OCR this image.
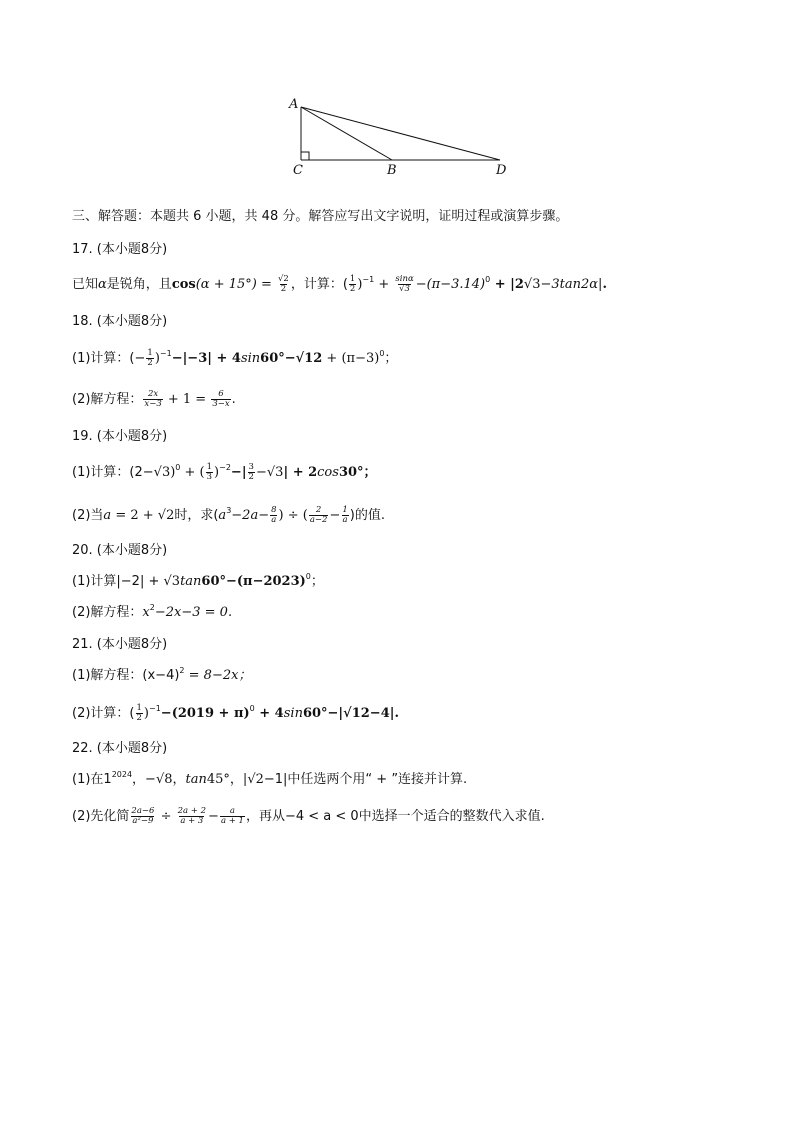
A
C	B	D
三、解答题：本题共 6 小题，共 48 分。解答应写出文字说明，证明过程或演算步骤。
17. (本小题8分)
已知α是锐角，且$\cos(\alpha + 15^\circ) = \frac{√2}{2}$ ，计算：( $\frac{1}{2} )^{-1} + \frac{\sin\alpha}{√3} -(\pi-3.14)^0 + |2√3-3\tan 2\alpha|$.
18. (本小题8分)
(1)计算：(− $\frac{1}{2} )^{-1}-|-3| + 4\sin 60^\circ-√12 + (\pi-3)^0$；
(2)解方程： $\frac{2x}{x-3} + 1 = \frac{6}{3-x}$ .
19. (本小题8分)
(1)计算：$(2-√3)^0$ + ( $\frac{1}{3} )^{-2}-| \frac{3}{2} -√3| + 2\cos 30^\circ$；
(2)当a = 2 + √2时，求($a^3-2a- \frac{8}{a}$ ) ÷ ( $\frac{2}{a-2} - \frac{1}{a}$ )的值.
20. (本小题8分)
(1)计算$|-2| + √3\tan 60^\circ-(\pi-2023)^0$；
(2)解方程：$x^2-2x-3 = 0$.
21. (本小题8分)
(1)解方程：$(x-4)^2 = 8-2x$；
(2)计算：( $\frac{1}{2} )^{-1}-(2019 + \pi)^0 + 4\sin 60^\circ-|√12-4|$.
22. (本小题8分)
(1)在$1^{2024}$，−√8，tan45°，|√2−1|中任选两个用“ + ”连接并计算.
(2)先化简 $\frac{2a-6}{\text{a²−9}} \div \frac{2a + 2}{a + 3} - \frac{a}{a + 1}$ ，再从−4 < a < 0中选择一个适合的整数代入求值.
